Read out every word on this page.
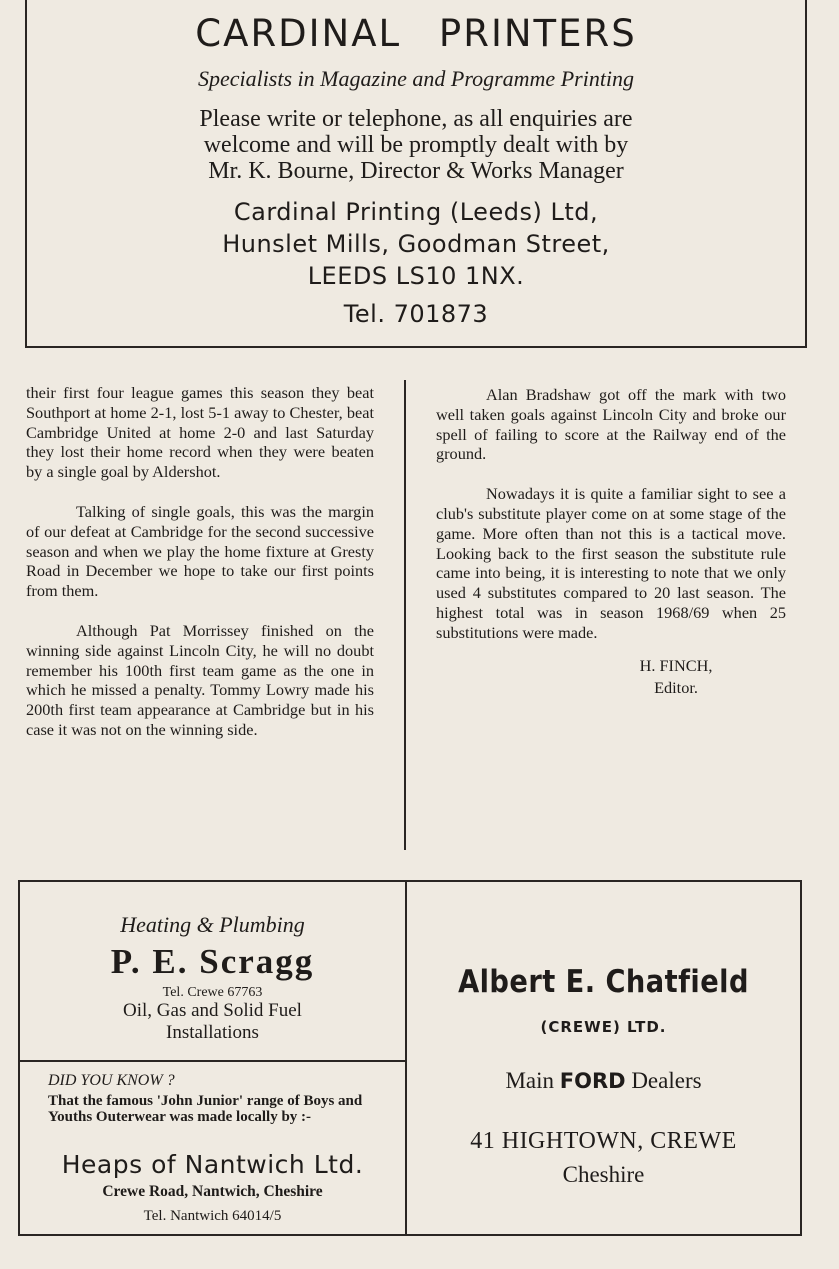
CARDINAL PRINTERS
Specialists in Magazine and Programme Printing
Please write or telephone, as all enquiries are
welcome and will be promptly dealt with by
Mr. K. Bourne, Director & Works Manager
Cardinal Printing (Leeds) Ltd,
Hunslet Mills, Goodman Street,
LEEDS LS10 1NX.
Tel. 701873

their first four league games this season they beat Southport at home 2-1, lost 5-1 away to Chester, beat Cambridge United at home 2-0 and last Saturday they lost their home record when they were beaten by a single goal by Aldershot.

Talking of single goals, this was the margin of our defeat at Cambridge for the second successive season and when we play the home fixture at Gresty Road in December we hope to take our first points from them.

Although Pat Morrissey finished on the winning side against Lincoln City, he will no doubt remember his 100th first team game as the one in which he missed a penalty. Tommy Lowry made his 200th first team appearance at Cambridge but in his case it was not on the winning side.

Alan Bradshaw got off the mark with two well taken goals against Lincoln City and broke our spell of failing to score at the Railway end of the ground.

Nowadays it is quite a familiar sight to see a club's substitute player come on at some stage of the game. More often than not this is a tactical move. Looking back to the first season the substitute rule came into being, it is interesting to note that we only used 4 substitutes compared to 20 last season. The highest total was in season 1968/69 when 25 substitutions were made.

H. FINCH,
Editor.
Heating & Plumbing
P. E. Scragg
Tel. Crewe 67763
Oil, Gas and Solid Fuel
Installations
DID YOU KNOW ?
That the famous 'John Junior' range of Boys and Youths Outerwear was made locally by :-
Heaps of Nantwich Ltd.
Crewe Road, Nantwich, Cheshire
Tel. Nantwich 64014/5
Albert E. Chatfield
(CREWE) LTD.
Main FORD Dealers
41 HIGHTOWN, CREWE
Cheshire
